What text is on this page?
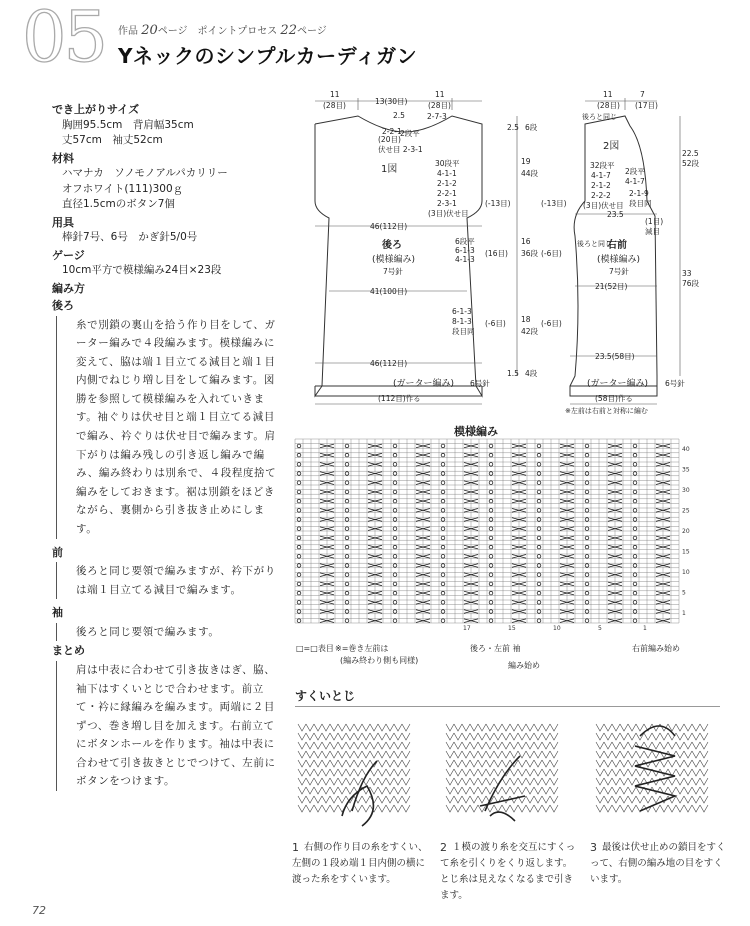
05 作品 20ページ　ポイントプロセス 22ページ
Yネックのシンプルカーディガン
でき上がりサイズ
胸囲95.5cm　背肩幅35cm
丈57cm　袖丈52cm
材料
ハマナカ　ソノモノアルパカリリー
オフホワイト(111)300ｇ
直径1.5cmのボタン7個
用具
棒針7号、6号　かぎ針5/0号
ゲージ
10cm平方で模様編み24目×23段
編み方
後ろ
糸で別鎖の裏山を拾う作り目をして、ガーター編みで４段編みます。模様編みに変えて、脇は端１目立てる減目と端１目内側でねじり増し目をして編みます。図勝を参照して模様編みを入れていきます。袖ぐりは伏せ目と端１目立てる減目で編み、衿ぐりは伏せ目で編みます。肩下がりは編み残しの引き返し編みで編み、編み終わりは別糸で、４段程度捨て編みをしておきます。裾は別鎖をほどきながら、裏側から引き抜き止めにします。
前
後ろと同じ要領で編みますが、衿下がりは端１目立てる減目で編みます。
袖
後ろと同じ要領で編みます。
まとめ
肩は中表に合わせて引き抜きはぎ、脇、袖下はすくいとじで合わせます。前立て・衿に縁編みを編みます。両端に２目ずつ、巻き増し目を加えます。右前立てにボタンホールを作ります。袖は中表に合わせて引き抜きとじでつけて、左前にボタンをつけます。
11
(28目)	13(30目)
11
(28目)
2.5	2-7-3
2-2-1
2段平
(20目)
伏せ目 2-3-1
1図
30段平
4-1-1
2-1-2
2-2-1
2-3-1
(3目)伏せ目
(-13目)
46(112目)
後ろ
(模様編み)
7号針
6段平
6-1-3
4-1-3
(16目)
41(100目)
6-1-3
8-1-3
段目同
(-6目)
46(112目)
(ガーター編み) 6号針
(112目)作る
2.5 6段
19
44段
16
36段
18
42段
1.5 4段
11
(28目)
7
(17目)
後ろと同じ
2図
32段平
4-1-7
2-1-2
2-2-2
(3目)伏せ目
2段平
4-1-7
2-1-9
段目同
(-13目)
23.5
(1目)
減目
後ろと同じ
(-6目)
右前
(模様編み)
7号針
21(52目)
(-6目)
23.5(58目)
(ガーター編み) 6号針
(58目)作る
※左前は右前と対称に編む
22.5
52段
33
76段
模様編み
40
35
30
25
20
15
10
5
1
17	15	10	5	1
□=□表目 ※=巻き左前は
(編み終わり側も同様)
後ろ・左前 袖
編み始め
右前編み始め
すくいとじ
1 右側の作り目の糸をすくい、左側の１段め端１目内側の横に渡った糸をすくいます。
2 １模の渡り糸を交互にすくって糸を引くりをくり返します。とじ糸は見えなくなるまで引きます。
3 最後は伏せ止めの鎖目をすくって、右側の編み地の目をすくいます。
72
